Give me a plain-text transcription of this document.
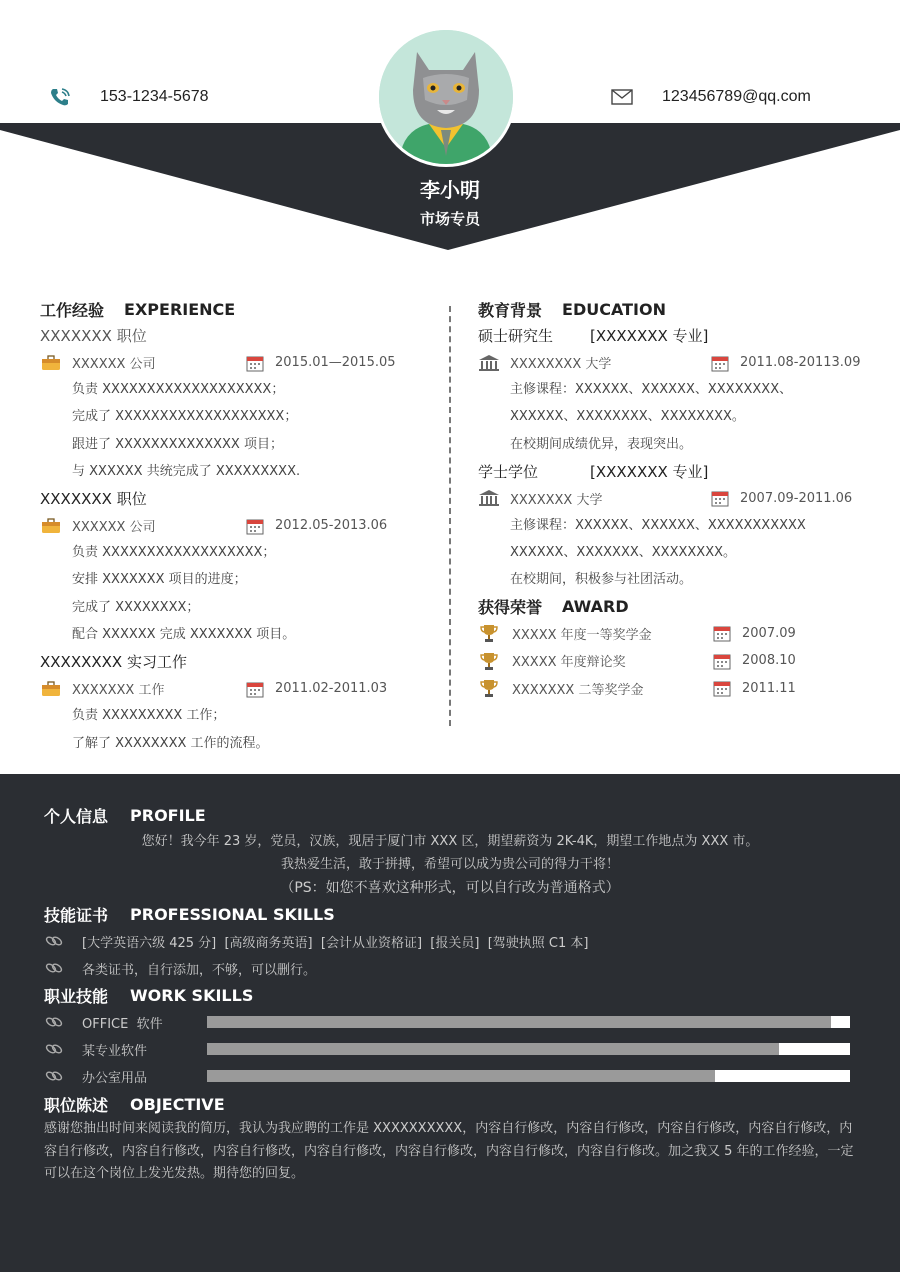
153-1234-5678	123456789@qq.com
李小明
市场专员
工作经验 EXPERIENCE
XXXXXXX 职位
XXXXXX 公司	2015.01—2015.05
负责 XXXXXXXXXXXXXXXXXXX；
完成了 XXXXXXXXXXXXXXXXXXX；
跟进了 XXXXXXXXXXXXXX 项目；
与 XXXXXX 共统完成了 XXXXXXXXX.
XXXXXXX 职位
XXXXXX 公司	2012.05-2013.06
负责 XXXXXXXXXXXXXXXXXX；
安排 XXXXXXX 项目的进度；
完成了 XXXXXXXX；
配合 XXXXXX 完成 XXXXXXX 项目。
XXXXXXXX 实习工作
XXXXXXX 工作	2011.02-2011.03
负责 XXXXXXXXX 工作；
了解了 XXXXXXXX 工作的流程。
教育背景 EDUCATION
硕士研究生	[XXXXXXX 专业]
XXXXXXXX 大学	2011.08-20113.09
主修课程：XXXXXX、XXXXXX、XXXXXXXX、
XXXXXX、XXXXXXXX、XXXXXXXX。
在校期间成绩优异，表现突出。
学士学位	[XXXXXXX 专业]
XXXXXXX 大学	2007.09-2011.06
主修课程：XXXXXX、XXXXXX、XXXXXXXXXXX
XXXXXX、XXXXXXX、XXXXXXXX。
在校期间，积极参与社团活动。
获得荣誉 AWARD
XXXXX 年度一等奖学金	2007.09
XXXXX 年度辩论奖	2008.10
XXXXXXX 二等奖学金	2011.11
个人信息 PROFILE
您好！我今年 23 岁，党员，汉族，现居于厦门市 XXX 区，期望薪资为 2K-4K，期望工作地点为 XXX 市。
我热爱生活，敢于拼搏，希望可以成为贵公司的得力干将！
（PS：如您不喜欢这种形式，可以自行改为普通格式）
技能证书 PROFESSIONAL SKILLS
[大学英语六级 425 分]  [高级商务英语]  [会计从业资格证]  [报关员]  [驾驶执照 C1 本]
各类证书，自行添加，不够，可以删行。
职业技能 WORK SKILLS
OFFICE  软件
某专业软件
办公室用品
职位陈述 OBJECTIVE
感谢您抽出时间来阅读我的简历，我认为我应聘的工作是 XXXXXXXXXX，内容自行修改，内容自行修改，内容自行修改，内容自行修改，内容自行修改，内容自行修改，内容自行修改，内容自行修改，内容自行修改，内容自行修改，内容自行修改。加之我又 5 年的工作经验，一定可以在这个岗位上发光发热。期待您的回复。
